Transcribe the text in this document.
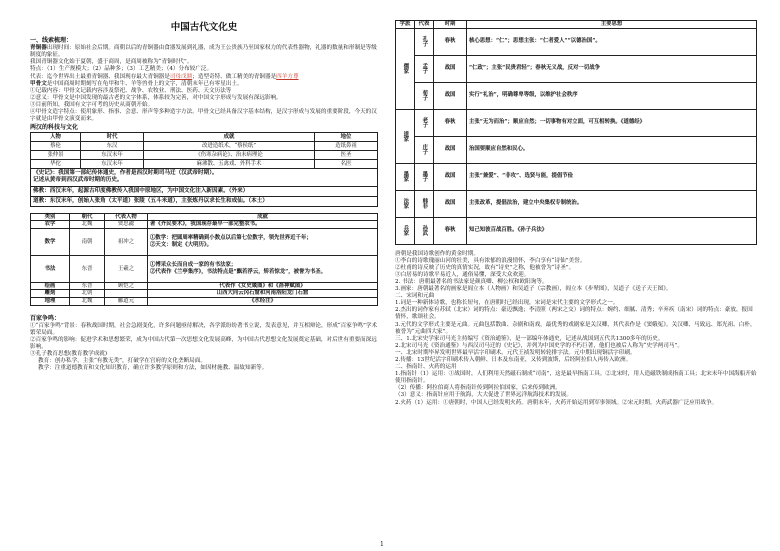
中国古代文化史
一、线索梳理：

青铜器出现时间：原始社会后期。商朝以后的青铜器由食器发展到礼器，成为王公贵族乃至国家权力的代表性器物，礼器的数量和形制是等级制度的象征。

我国青铜器文化始于夏朝，盛于商周，是商周被称为“青铜时代”。

特点：（1）生产规模大；（2）品种多；（3）工艺精美；（4）分布较广泛。

代表：迄今世界出土最重青铜器、我国现存最大青铜器是司母戊鼎；造型奇特、做工精美的青铜器是四羊方尊

甲骨文是中国商周时期刻写在龟甲和牛、羊等兽骨上的文字，清朝末年已有零星出土。

①记载内容：甲骨文记载内容涉及祭祀、战争、农牧业、刑法、医药、天文历法等

②意义：甲骨文是中国发现的最古老的文字体系，体系较为完善，对中国文字形成与发展有深远影响。

③目前所知，我国有文字可考的历史从商朝开始。

④甲骨文造字特点：使用象形、指事、会意、形声等多种造字方法。甲骨文已经具备汉字基本结构，是汉字形成与发展的重要阶段，今天的汉字就是由甲骨文演变而来。

两汉的科技与文化
人物	时代	成就	地位
蔡伦	东汉	改进造纸术，“蔡侯纸”	造纸鼻祖
张仲景	东汉末年	《伤寒杂病论》、治未病理论	医圣
华佗	东汉末年	麻沸散、五禽戏、外科手术	名医

《史记》：我国第一部纪传体通史，作者是西汉时期司马迁（汉武帝时期）。

记述从黄帝到西汉武帝时期的历史。

佛教：西汉末年，起源古印度佛教传入我国中原地区，为中国文化注入新因素。（外来）

道教：东汉末年，创始人张角（太平道）张陵（五斗米道），主张炼丹以求长生和成仙。（本土）

类别	朝代	代表人物	成就
农学	北魏	贾思勰	著《齐民要术》，我国现存最早一部完整农书。
数学	南朝	祖冲之	①数学：把圆周率精确到小数点以后第七位数字，领先世界近千年；

②天文：制定《大明历》。

书法	东晋	王羲之	①博采众长而自成一家的有书法家；

②代表作《兰亭集序》，书法特点是“飘若浮云，矫若惊龙”，被誉为书圣。

绘画	东晋	顾恺之	代表作《女史箴图》和《洛神赋图》
雕刻	北朝		山西大同云冈石窟和河南洛阳龙门石窟
地理	北魏	郦道元	《水经注》
百家争鸣：

①“百家争鸣”背景：春秋战国时期，社会急剧变化，许多问题亟待解决，各学派纷纷著书立说，发表意见，并互相辩论，形成“百家争鸣”学术繁荣局面。

②百家争鸣的影响：促进学术和思想繁荣，成为中国古代第一次思想文化发展高峰，为中国古代思想文化发展奠定基础，对后世有重要而深远影响。

③孔子教育思想(教育教学成就)

教育：创办私学，主张“有教无类”，打破学在官府的文化垄断局面。

教学：注重道德教育和文化知识教育，确立许多教学原则和方法，如因材施教、温故知新等。

学派	代表	时期	主要思想
儒家	孔子	春秋	核心思想：“仁”；思想主张：“仁者爱人”“以德治国”。
	孟子	战国	“仁政”；主张“民贵君轻”；春秋无义战，反对一切战争
	荀子	战国	实行“礼治”，明确尊卑等级，以维护社会秩序
道家	老子	春秋	主张“无为而治”；顺应自然；一切事物有对立面，可互相转换。《道德经》
	庄子	战国	治国要顺应自然和民心。
墨家	墨子	战国	主张“兼爱”、“非攻”、选贤与能，提倡节俭
法家	韩非	战国	主张改革，提倡法治，建立中央集权专制统治。
兵家	孙武	春秋	知己知彼百战百胜。《孙子兵法》

唐朝是我国诗歌创作的黄金时期。

①李白的诗歌瑰丽山河的壮美，具有浓郁的浪漫情怀，李白享有“诗仙”美誉。

②杜甫的诗反映了历史的真情实况，故有“诗史”之称，他被誉为“诗圣”。

③白居易的诗歌平易近人，通俗易懂，深受大众欢迎。

2. 书法：唐朝最著名的书法家是颜真卿、柳公权和欧阳询等。

3.画家：唐朝最著名的画家是阎立本（人物画）和吴道子（宗教画），阎立本《步辇图》，吴道子《送子天王图》。

二、宋词和元曲

1.词是一种新体诗歌，也称长短句，在唐朝时已经出现，宋词是宋代主要的文学形式之一。

2.杰出的词作家有苏轼（北宋）词的特点：豪迈飘逸；李清照（两宋之交）词的特点：婉约、细腻、清秀；辛弃疾（南宋）词的特点：豪放，报国情怀，歌颂社会。

3.元代的文学形式主要是元曲。元曲包括散曲、杂剧和南戏，最优秀的戏剧家是关汉卿，其代表作是《窦娥冤》。关汉卿、马致远、郑光祖、白朴，被誉为“元曲四大家”。

三、1.北宋史学家司马光主持编写《资治通鉴》，是一部编年体通史，记述从战国到五代共1300多年的历史。

2.北宋司马光《资治通鉴》与西汉司马迁的《史记》，并列为中国史学的不朽巨著，他们也被后人称为“史学两司马”。

一、北宋时期毕昇发明世界最早活字印刷术。元代王祯发明转轮排字法。元中期出现铜活字印刷。

2.传播：13世纪活字印刷术传入朝鲜、日本及东南亚，又传到波斯，后经阿拉伯人再传入欧洲。

二、指南针、火药的运用

1.指南针（1）运用：①战国时，人们利用天然磁石制成“司南”，这是最早指南工具。②北宋时，用人造磁铁制成指南工具；北宋末年中国海船开始使用指南针。

（2）传播：阿拉伯商人将指南针传到阿拉伯国家，后来传到欧洲。

（3）意义：指南针应用于航海，大大促进了世界远洋航海技术的发展。

2.火药（1）运用：①唐朝时，中国人已经发明火药。唐朝末年，火药开始运用到军事领域。②宋元时期，火药武器广泛应用战争。

1
